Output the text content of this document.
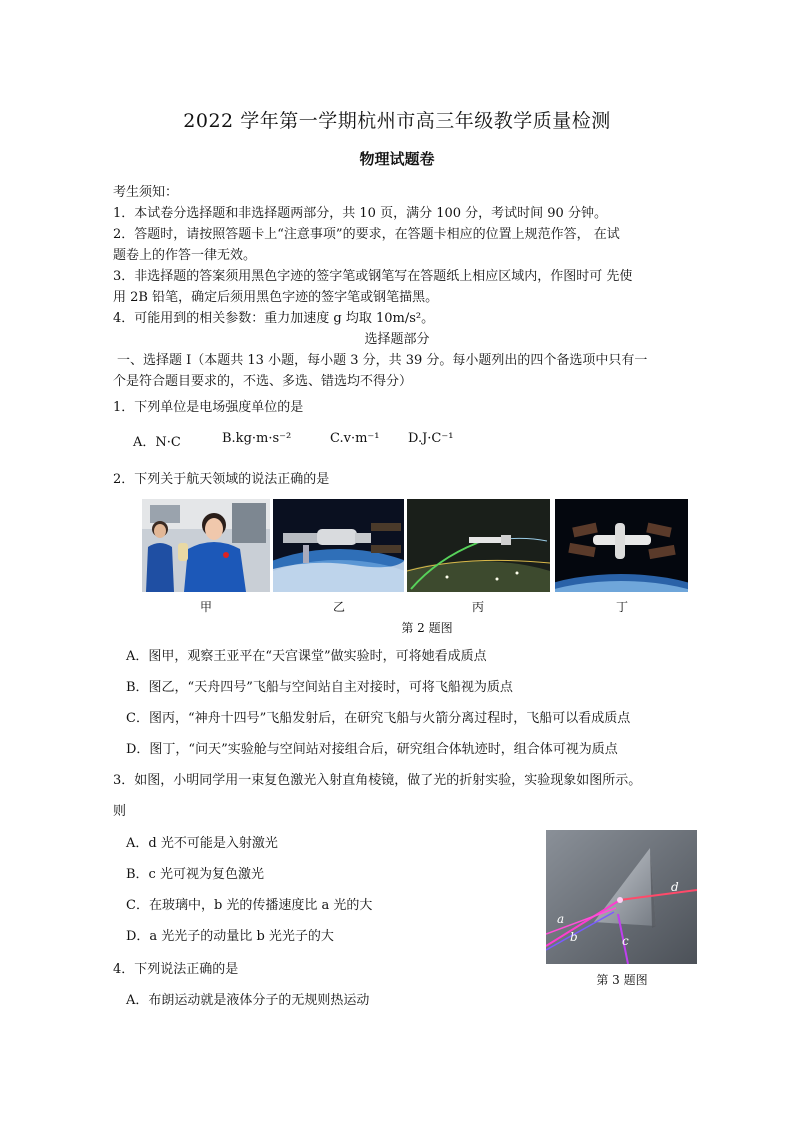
2022 学年第一学期杭州市高三年级教学质量检测
物理试题卷
考生须知：
1．本试卷分选择题和非选择题两部分，共 10 页，满分 100 分，考试时间 90 分钟。
2．答题时，请按照答题卡上“注意事项”的要求，在答题卡相应的位置上规范作答， 在试
题卷上的作答一律无效。
3．非选择题的答案须用黑色字迹的签字笔或钢笔写在答题纸上相应区域内，作图时可 先使
用 2B 铅笔，确定后须用黑色字迹的签字笔或钢笔描黑。
4．可能用到的相关参数：重力加速度 g 均取 10m/s²。
选择题部分
一、选择题 I（本题共 13 小题，每小题 3 分，共 39 分。每小题列出的四个备选项中只有一
个是符合题目要求的，不选、多选、错选均不得分）
1．下列单位是电场强度单位的是
A．N·C	B.kg·m·s⁻²	C.v·m⁻¹ D.J·C⁻¹
2．下列关于航天领域的说法正确的是
甲	乙	丙	丁
第 2 题图
A．图甲，观察王亚平在“天宫课堂”做实验时，可将她看成质点
B．图乙，“天舟四号”飞船与空间站自主对接时，可将飞船视为质点
C．图丙，“神舟十四号”飞船发射后，在研究飞船与火箭分离过程时，飞船可以看成质点
D．图丁，“问天”实验舱与空间站对接组合后，研究组合体轨迹时，组合体可视为质点
3．如图，小明同学用一束复色激光入射直角棱镜，做了光的折射实验，实验现象如图所示。
则
A．d 光不可能是入射激光
B．c 光可视为复色激光
C．在玻璃中，b 光的传播速度比 a 光的大
D．a 光光子的动量比 b 光光子的大
a
b	c
d
第 3 题图
4．下列说法正确的是
A．布朗运动就是液体分子的无规则热运动
